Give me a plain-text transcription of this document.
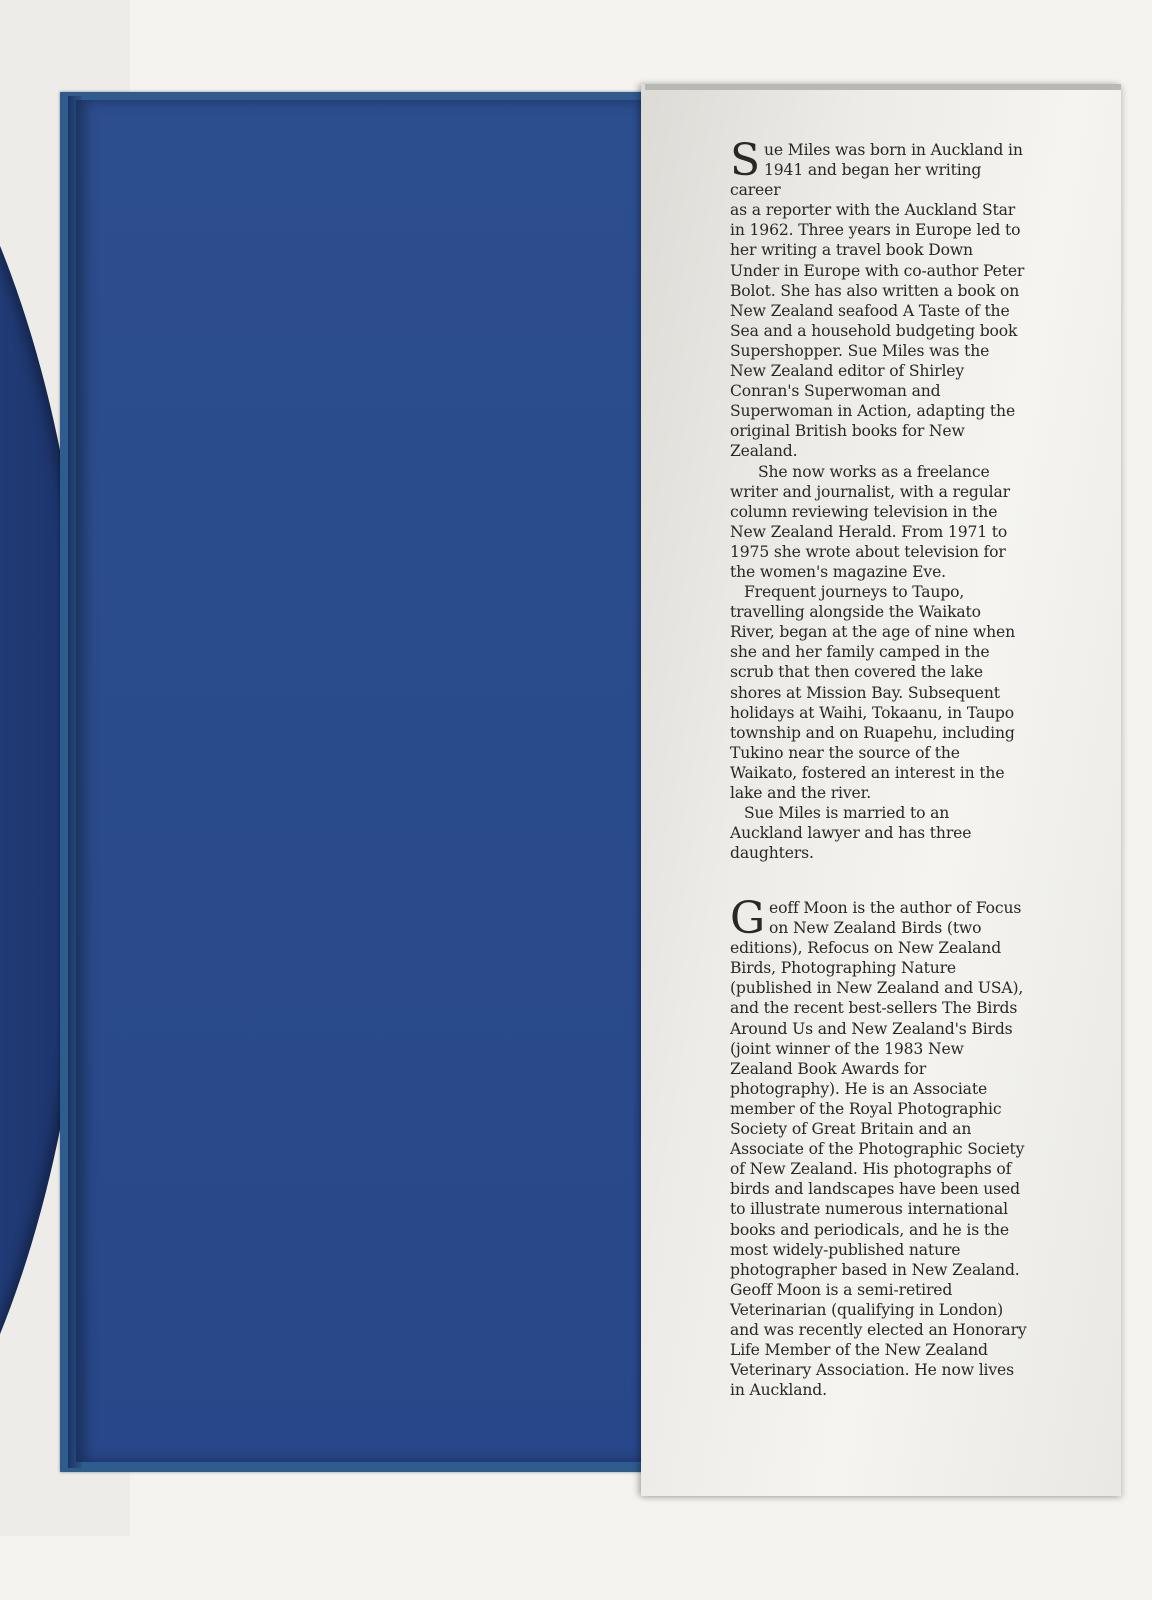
S ue Miles was born in Auckland in
1941 and began her writing career
as a reporter with the Auckland Star
in 1962. Three years in Europe led to
her writing a travel book Down
Under in Europe with co-author Peter
Bolot. She has also written a book on
New Zealand seafood A Taste of the
Sea and a household budgeting book
Supershopper. Sue Miles was the
New Zealand editor of Shirley
Conran's Superwoman and
Superwoman in Action, adapting the
original British books for New
Zealand.

She now works as a freelance
writer and journalist, with a regular
column reviewing television in the
New Zealand Herald. From 1971 to
1975 she wrote about television for
the women's magazine Eve.

Frequent journeys to Taupo,
travelling alongside the Waikato
River, began at the age of nine when
she and her family camped in the
scrub that then covered the lake
shores at Mission Bay. Subsequent
holidays at Waihi, Tokaanu, in Taupo
township and on Ruapehu, including
Tukino near the source of the
Waikato, fostered an interest in the
lake and the river.

Sue Miles is married to an
Auckland lawyer and has three
daughters.

G eoff Moon is the author of Focus
on New Zealand Birds (two
editions), Refocus on New Zealand
Birds, Photographing Nature
(published in New Zealand and USA),
and the recent best-sellers The Birds
Around Us and New Zealand's Birds
(joint winner of the 1983 New
Zealand Book Awards for
photography). He is an Associate
member of the Royal Photographic
Society of Great Britain and an
Associate of the Photographic Society
of New Zealand. His photographs of
birds and landscapes have been used
to illustrate numerous international
books and periodicals, and he is the
most widely-published nature
photographer based in New Zealand.
Geoff Moon is a semi-retired
Veterinarian (qualifying in London)
and was recently elected an Honorary
Life Member of the New Zealand
Veterinary Association. He now lives
in Auckland.
